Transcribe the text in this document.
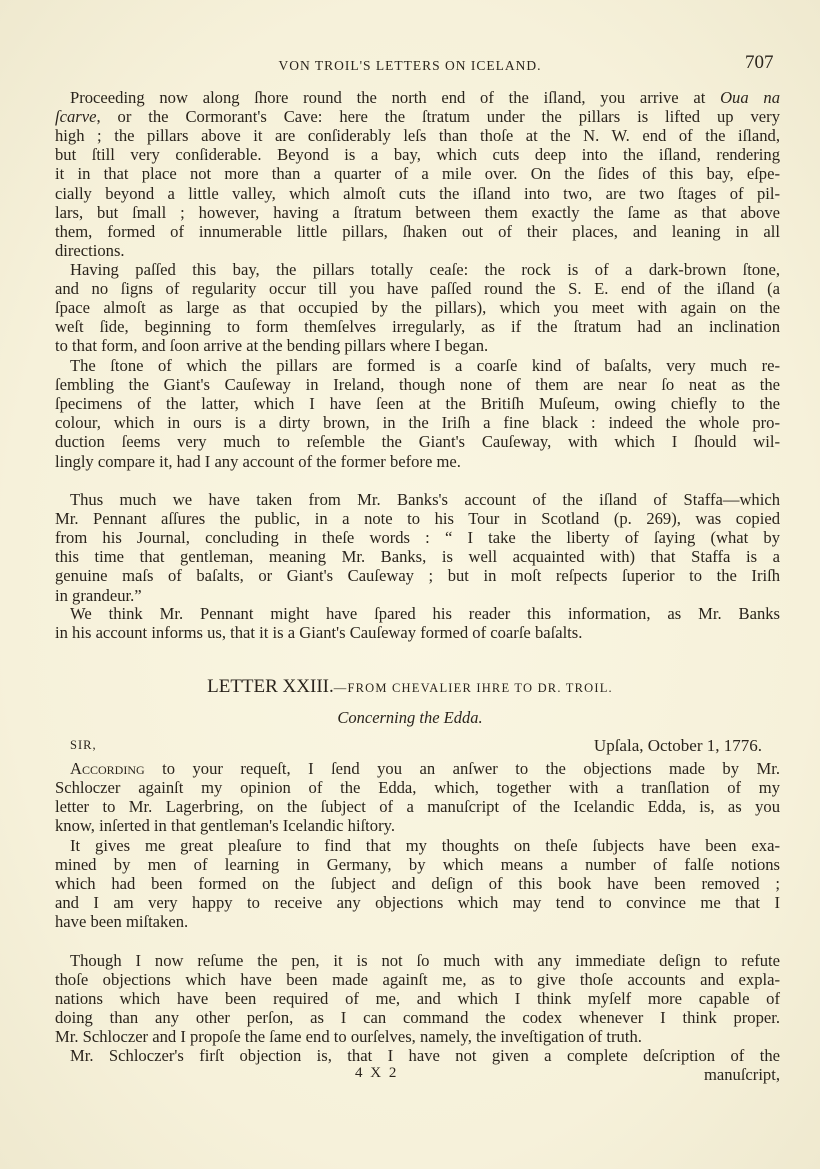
VON TROIL'S LETTERS ON ICELAND.	707
Proceeding now along ſhore round the north end of the iſland, you arrive at Oua na
ſcarve, or the Cormorant's Cave: here the ſtratum under the pillars is lifted up very
high ; the pillars above it are conſiderably leſs than thoſe at the N. W. end of the iſland,
but ſtill very conſiderable. Beyond is a bay, which cuts deep into the iſland, rendering
it in that place not more than a quarter of a mile over. On the ſides of this bay, eſpe-
cially beyond a little valley, which almoſt cuts the iſland into two, are two ſtages of pil-
lars, but ſmall ; however, having a ſtratum between them exactly the ſame as that above
them, formed of innumerable little pillars, ſhaken out of their places, and leaning in all
directions.
Having paſſed this bay, the pillars totally ceaſe: the rock is of a dark-brown ſtone,
and no ſigns of regularity occur till you have paſſed round the S. E. end of the iſland (a
ſpace almoſt as large as that occupied by the pillars), which you meet with again on the
weſt ſide, beginning to form themſelves irregularly, as if the ſtratum had an inclination
to that form, and ſoon arrive at the bending pillars where I began.
The ſtone of which the pillars are formed is a coarſe kind of baſalts, very much re-
ſembling the Giant's Cauſeway in Ireland, though none of them are near ſo neat as the
ſpecimens of the latter, which I have ſeen at the Britiſh Muſeum, owing chiefly to the
colour, which in ours is a dirty brown, in the Iriſh a fine black : indeed the whole pro-
duction ſeems very much to reſemble the Giant's Cauſeway, with which I ſhould wil-
lingly compare it, had I any account of the former before me.
Thus much we have taken from Mr. Banks's account of the iſland of Staffa—which
Mr. Pennant aſſures the public, in a note to his Tour in Scotland (p. 269), was copied
from his Journal, concluding in theſe words : “ I take the liberty of ſaying (what by
this time that gentleman, meaning Mr. Banks, is well acquainted with) that Staffa is a
genuine maſs of baſalts, or Giant's Cauſeway ; but in moſt reſpects ſuperior to the Iriſh
in grandeur.”
We think Mr. Pennant might have ſpared his reader this information, as Mr. Banks
in his account informs us, that it is a Giant's Cauſeway formed of coarſe baſalts.
According to your requeſt, I ſend you an anſwer to the objections made by Mr.
Schloczer againſt my opinion of the Edda, which, together with a tranſlation of my
letter to Mr. Lagerbring, on the ſubject of a manuſcript of the Icelandic Edda, is, as you
know, inſerted in that gentleman's Icelandic hiſtory.
It gives me great pleaſure to find that my thoughts on theſe ſubjects have been exa-
mined by men of learning in Germany, by which means a number of falſe notions
which had been formed on the ſubject and deſign of this book have been removed ;
and I am very happy to receive any objections which may tend to convince me that I
have been miſtaken.
Though I now reſume the pen, it is not ſo much with any immediate deſign to refute
thoſe objections which have been made againſt me, as to give thoſe accounts and expla-
nations which have been required of me, and which I think myſelf more capable of
doing than any other perſon, as I can command the codex whenever I think proper.
Mr. Schloczer and I propoſe the ſame end to ourſelves, namely, the inveſtigation of truth.
Mr. Schloczer's firſt objection is, that I have not given a complete deſcription of the
LETTER XXIII.—FROM CHEVALIER IHRE TO DR. TROIL.
Concerning the Edda.
SIR,	Upſala, October 1, 1776.
4 X 2	manuſcript,
